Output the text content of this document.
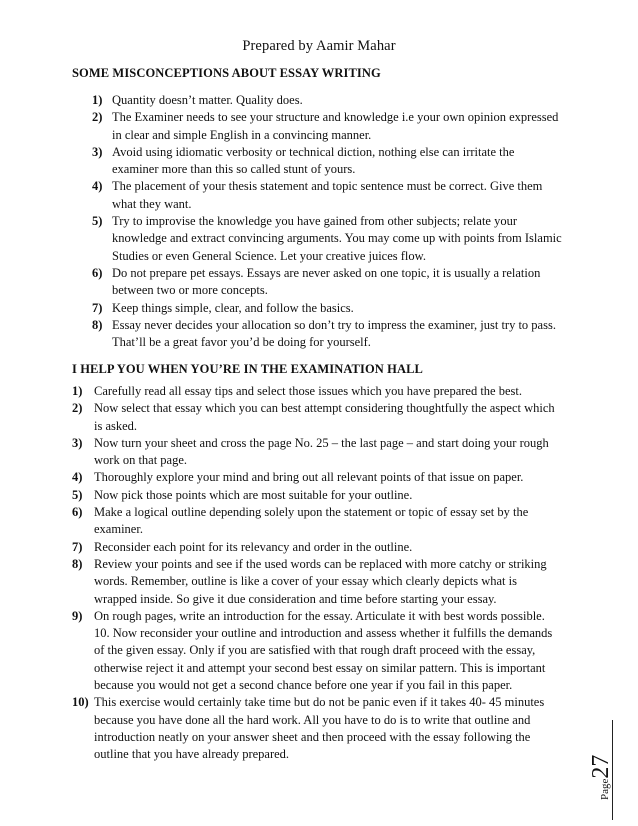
Prepared by Aamir Mahar
SOME MISCONCEPTIONS ABOUT ESSAY WRITING
1) Quantity doesn’t matter. Quality does.
2) The Examiner needs to see your structure and knowledge i.e your own opinion expressed in clear and simple English in a convincing manner.
3) Avoid using idiomatic verbosity or technical diction, nothing else can irritate the examiner more than this so called stunt of yours.
4) The placement of your thesis statement and topic sentence must be correct. Give them what they want.
5) Try to improvise the knowledge you have gained from other subjects; relate your knowledge and extract convincing arguments. You may come up with points from Islamic Studies or even General Science. Let your creative juices flow.
6) Do not prepare pet essays. Essays are never asked on one topic, it is usually a relation between two or more concepts.
7) Keep things simple, clear, and follow the basics.
8) Essay never decides your allocation so don’t try to impress the examiner, just try to pass. That’ll be a great favor you’d be doing for yourself.
I HELP YOU WHEN YOU’RE IN THE EXAMINATION HALL
1) Carefully read all essay tips and select those issues which you have prepared the best.
2) Now select that essay which you can best attempt considering thoughtfully the aspect which is asked.
3) Now turn your sheet and cross the page No. 25 – the last page – and start doing your rough work on that page.
4) Thoroughly explore your mind and bring out all relevant points of that issue on paper.
5) Now pick those points which are most suitable for your outline.
6) Make a logical outline depending solely upon the statement or topic of essay set by the examiner.
7) Reconsider each point for its relevancy and order in the outline.
8) Review your points and see if the used words can be replaced with more catchy or striking words. Remember, outline is like a cover of your essay which clearly depicts what is wrapped inside. So give it due consideration and time before starting your essay.
9) On rough pages, write an introduction for the essay. Articulate it with best words possible. 10. Now reconsider your outline and introduction and assess whether it fulfills the demands of the given essay. Only if you are satisfied with that rough draft proceed with the essay, otherwise reject it and attempt your second best essay on similar pattern. This is important because you would not get a second chance before one year if you fail in this paper.
10) This exercise would certainly take time but do not be panic even if it takes 40- 45 minutes because you have done all the hard work. All you have to do is to write that outline and introduction neatly on your answer sheet and then proceed with the essay following the outline that you have already prepared.
Page27
